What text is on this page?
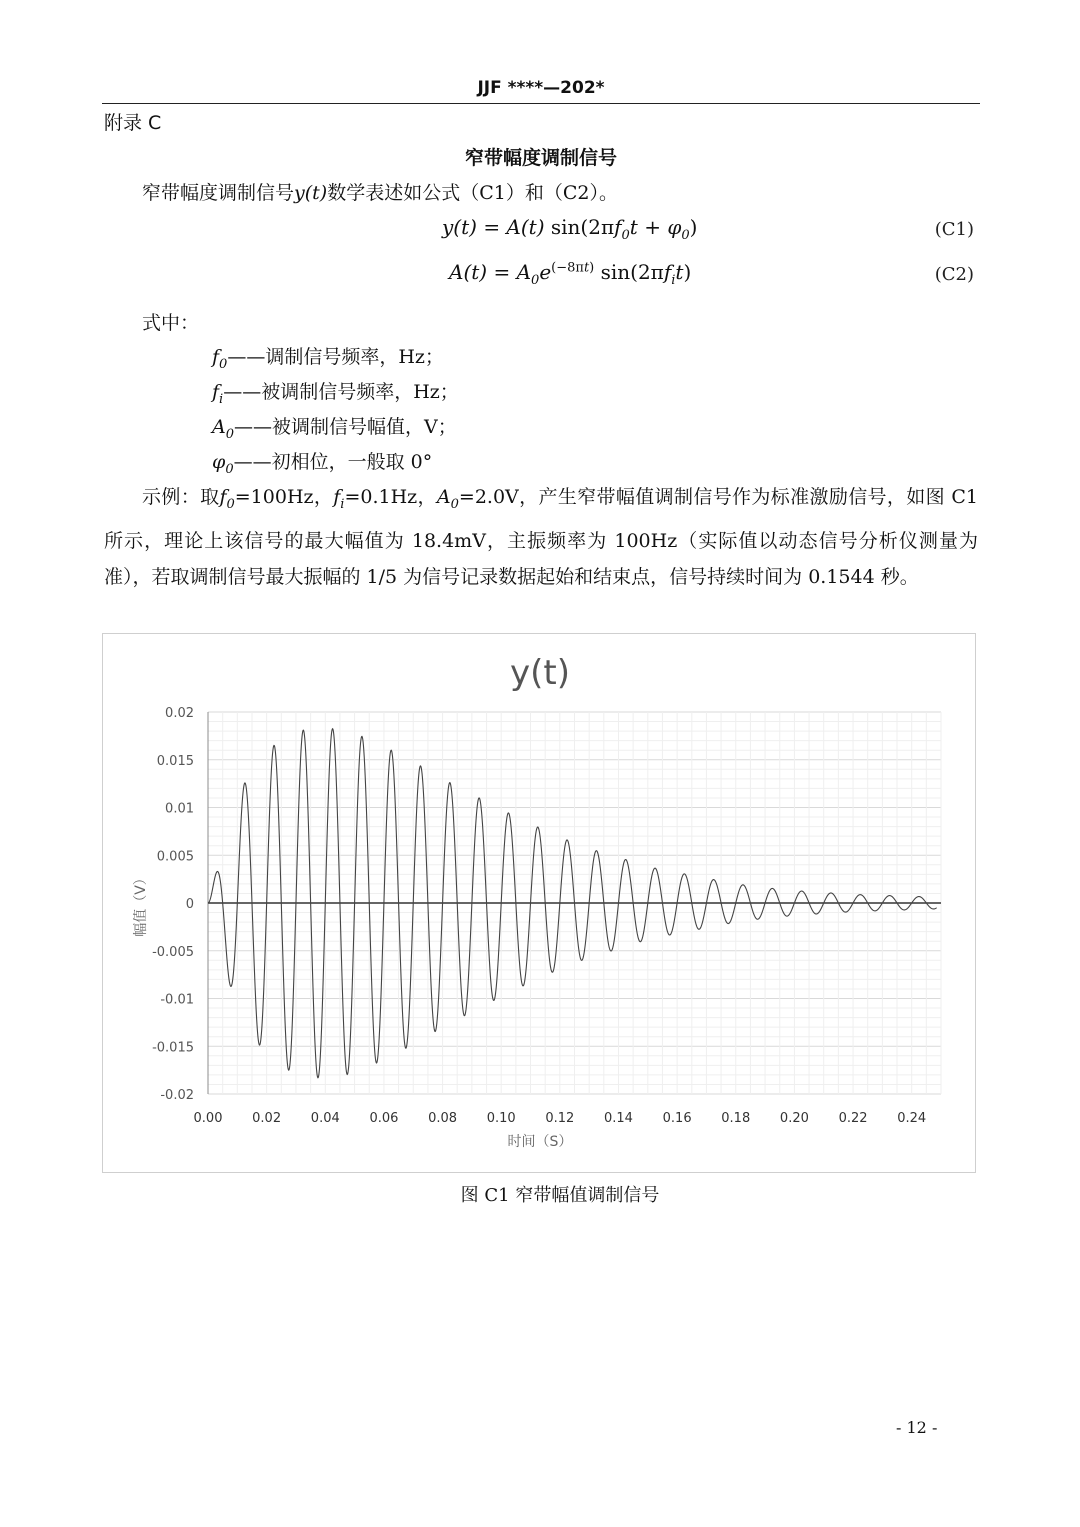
JJF ****—202*
附录 C
窄带幅度调制信号
窄带幅度调制信号y(t)数学表述如公式（C1）和（C2）。
y(t) = A(t) $\sin(2\pi f_0t + \varphi_0)$	(C1)
$A(t) = A_0e^{(-8\pi t)}$ $\sin(2\pi f_it)$	(C2)
式中：
$f_0——$调制信号频率，Hz；
$f_i——$被调制信号频率，Hz；
$A_0——$被调制信号幅值，V；
$\varphi_0——$初相位，一般取 0°
示例：取$f_0=100Hz$，$f_i=0.1Hz$，$A_0=2.0V$，产生窄带幅值调制信号作为标准激励信号，如图 C1 所示，理论上该信号的最大幅值为 18.4mV，主振频率为 100Hz（实际值以动态信号分析仪测量为准），若取调制信号最大振幅的 1/5 为信号记录数据起始和结束点，信号持续时间为 0.1544 秒。
0.02
0.015
0.01
0.005
0
-0.005
-0.01
-0.015
-0.02
0.00 0.02 0.04 0.06 0.08 0.10 0.12 0.14 0.16 0.18 0.20 0.22 0.24
y(t)
时间（S）
幅值（V）
图 C1 窄带幅值调制信号
- 12 -
